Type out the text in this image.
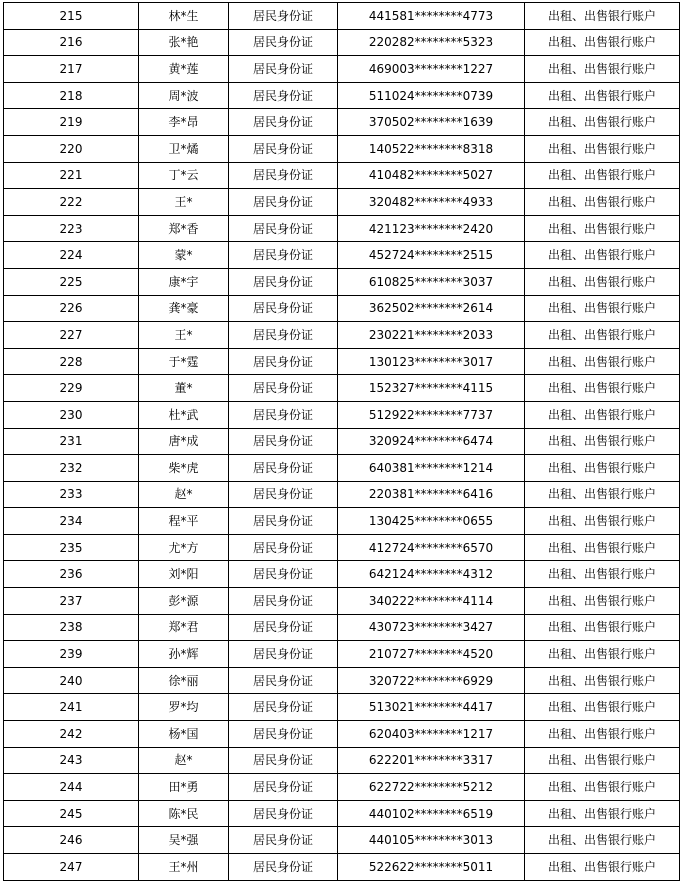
215	林*生	居民身份证	441581********4773	出租、出售银行账户
216	张*艳	居民身份证	220282********5323	出租、出售银行账户
217	黄*莲	居民身份证	469003********1227	出租、出售银行账户
218	周*波	居民身份证	511024********0739	出租、出售银行账户
219	李*昂	居民身份证	370502********1639	出租、出售银行账户
220	卫*燏	居民身份证	140522********8318	出租、出售银行账户
221	丁*云	居民身份证	410482********5027	出租、出售银行账户
222	王*	居民身份证	320482********4933	出租、出售银行账户
223	郑*香	居民身份证	421123********2420	出租、出售银行账户
224	蒙*	居民身份证	452724********2515	出租、出售银行账户
225	康*宇	居民身份证	610825********3037	出租、出售银行账户
226	龚*豪	居民身份证	362502********2614	出租、出售银行账户
227	王*	居民身份证	230221********2033	出租、出售银行账户
228	于*霆	居民身份证	130123********3017	出租、出售银行账户
229	董*	居民身份证	152327********4115	出租、出售银行账户
230	杜*武	居民身份证	512922********7737	出租、出售银行账户
231	唐*成	居民身份证	320924********6474	出租、出售银行账户
232	柴*虎	居民身份证	640381********1214	出租、出售银行账户
233	赵*	居民身份证	220381********6416	出租、出售银行账户
234	程*平	居民身份证	130425********0655	出租、出售银行账户
235	尤*方	居民身份证	412724********6570	出租、出售银行账户
236	刘*阳	居民身份证	642124********4312	出租、出售银行账户
237	彭*源	居民身份证	340222********4114	出租、出售银行账户
238	郑*君	居民身份证	430723********3427	出租、出售银行账户
239	孙*辉	居民身份证	210727********4520	出租、出售银行账户
240	徐*丽	居民身份证	320722********6929	出租、出售银行账户
241	罗*均	居民身份证	513021********4417	出租、出售银行账户
242	杨*国	居民身份证	620403********1217	出租、出售银行账户
243	赵*	居民身份证	622201********3317	出租、出售银行账户
244	田*勇	居民身份证	622722********5212	出租、出售银行账户
245	陈*民	居民身份证	440102********6519	出租、出售银行账户
246	吴*强	居民身份证	440105********3013	出租、出售银行账户
247	王*州	居民身份证	522622********5011	出租、出售银行账户
